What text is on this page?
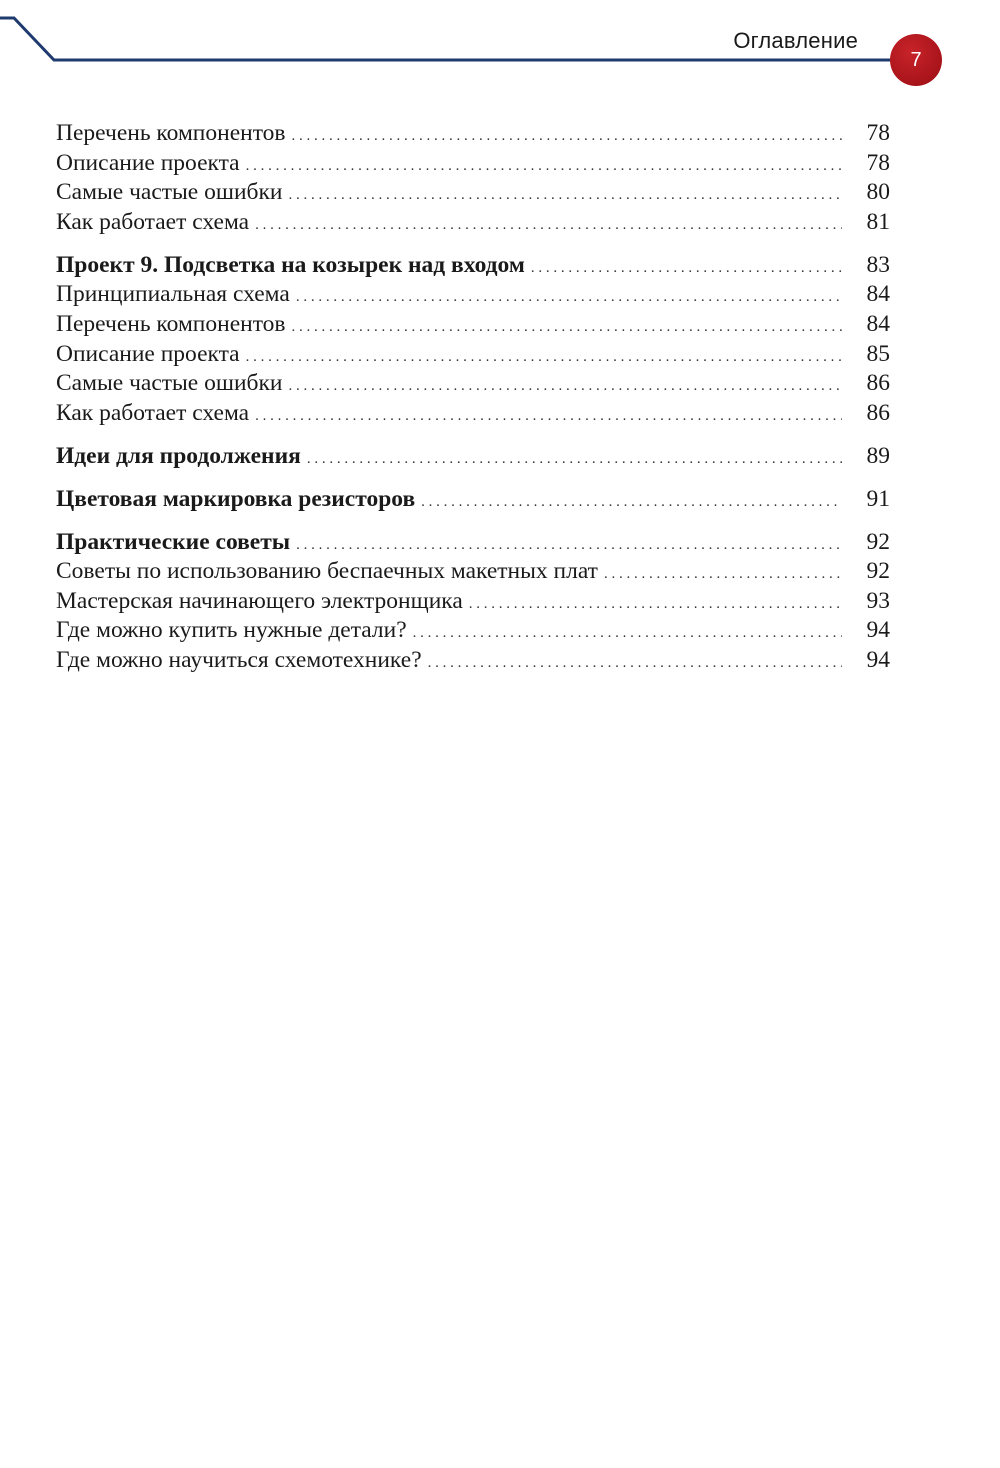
Оглавление
7
Перечень компонентов . . .	78
Описание проекта . . .	78
Самые частые ошибки . . .	80
Как работает схема . . .	81
Проект 9. Подсветка на козырек над входом . . .	83
Принципиальная схема . . .	84
Перечень компонентов . . .	84
Описание проекта . . .	85
Самые частые ошибки . . .	86
Как работает схема . . .	86
Идеи для продолжения . . .	89
Цветовая маркировка резисторов . . .	91
Практические советы . . .	92
Советы по использованию беспаечных макетных плат . . .	92
Мастерская начинающего электронщика . . .	93
Где можно купить нужные детали? . . .	94
Где можно научиться схемотехнике? . . .	94
